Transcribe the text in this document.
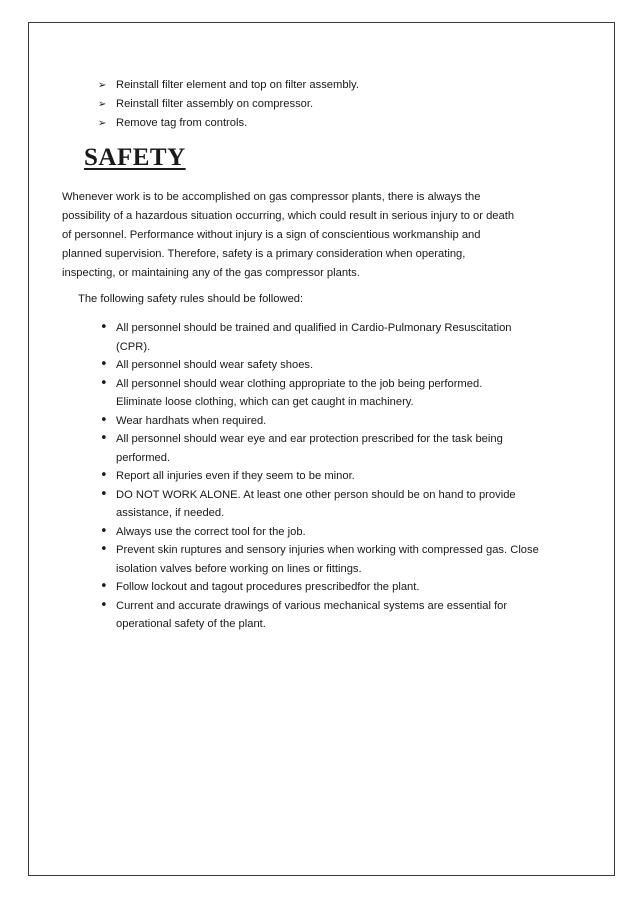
➢ Reinstall filter element and top on filter assembly.
➢ Reinstall filter assembly on compressor.
➢ Remove tag from controls.
SAFETY
Whenever work is to be accomplished on gas compressor plants, there is always the
possibility of a hazardous situation occurring, which could result in serious injury to or death
of personnel. Performance without injury is a sign of conscientious workmanship and
planned supervision. Therefore, safety is a primary consideration when operating,
inspecting, or maintaining any of the gas compressor plants.
The following safety rules should be followed:
• All personnel should be trained and qualified in Cardio-Pulmonary Resuscitation
(CPR).
• All personnel should wear safety shoes.
• All personnel should wear clothing appropriate to the job being performed.
Eliminate loose clothing, which can get caught in machinery.
• Wear hardhats when required.
• All personnel should wear eye and ear protection prescribed for the task being
performed.
• Report all injuries even if they seem to be minor.
• DO NOT WORK ALONE. At least one other person should be on hand to provide
assistance, if needed.
• Always use the correct tool for the job.
• Prevent skin ruptures and sensory injuries when working with compressed gas. Close
isolation valves before working on lines or fittings.
• Follow lockout and tagout procedures prescribedfor the plant.
• Current and accurate drawings of various mechanical systems are essential for
operational safety of the plant.
